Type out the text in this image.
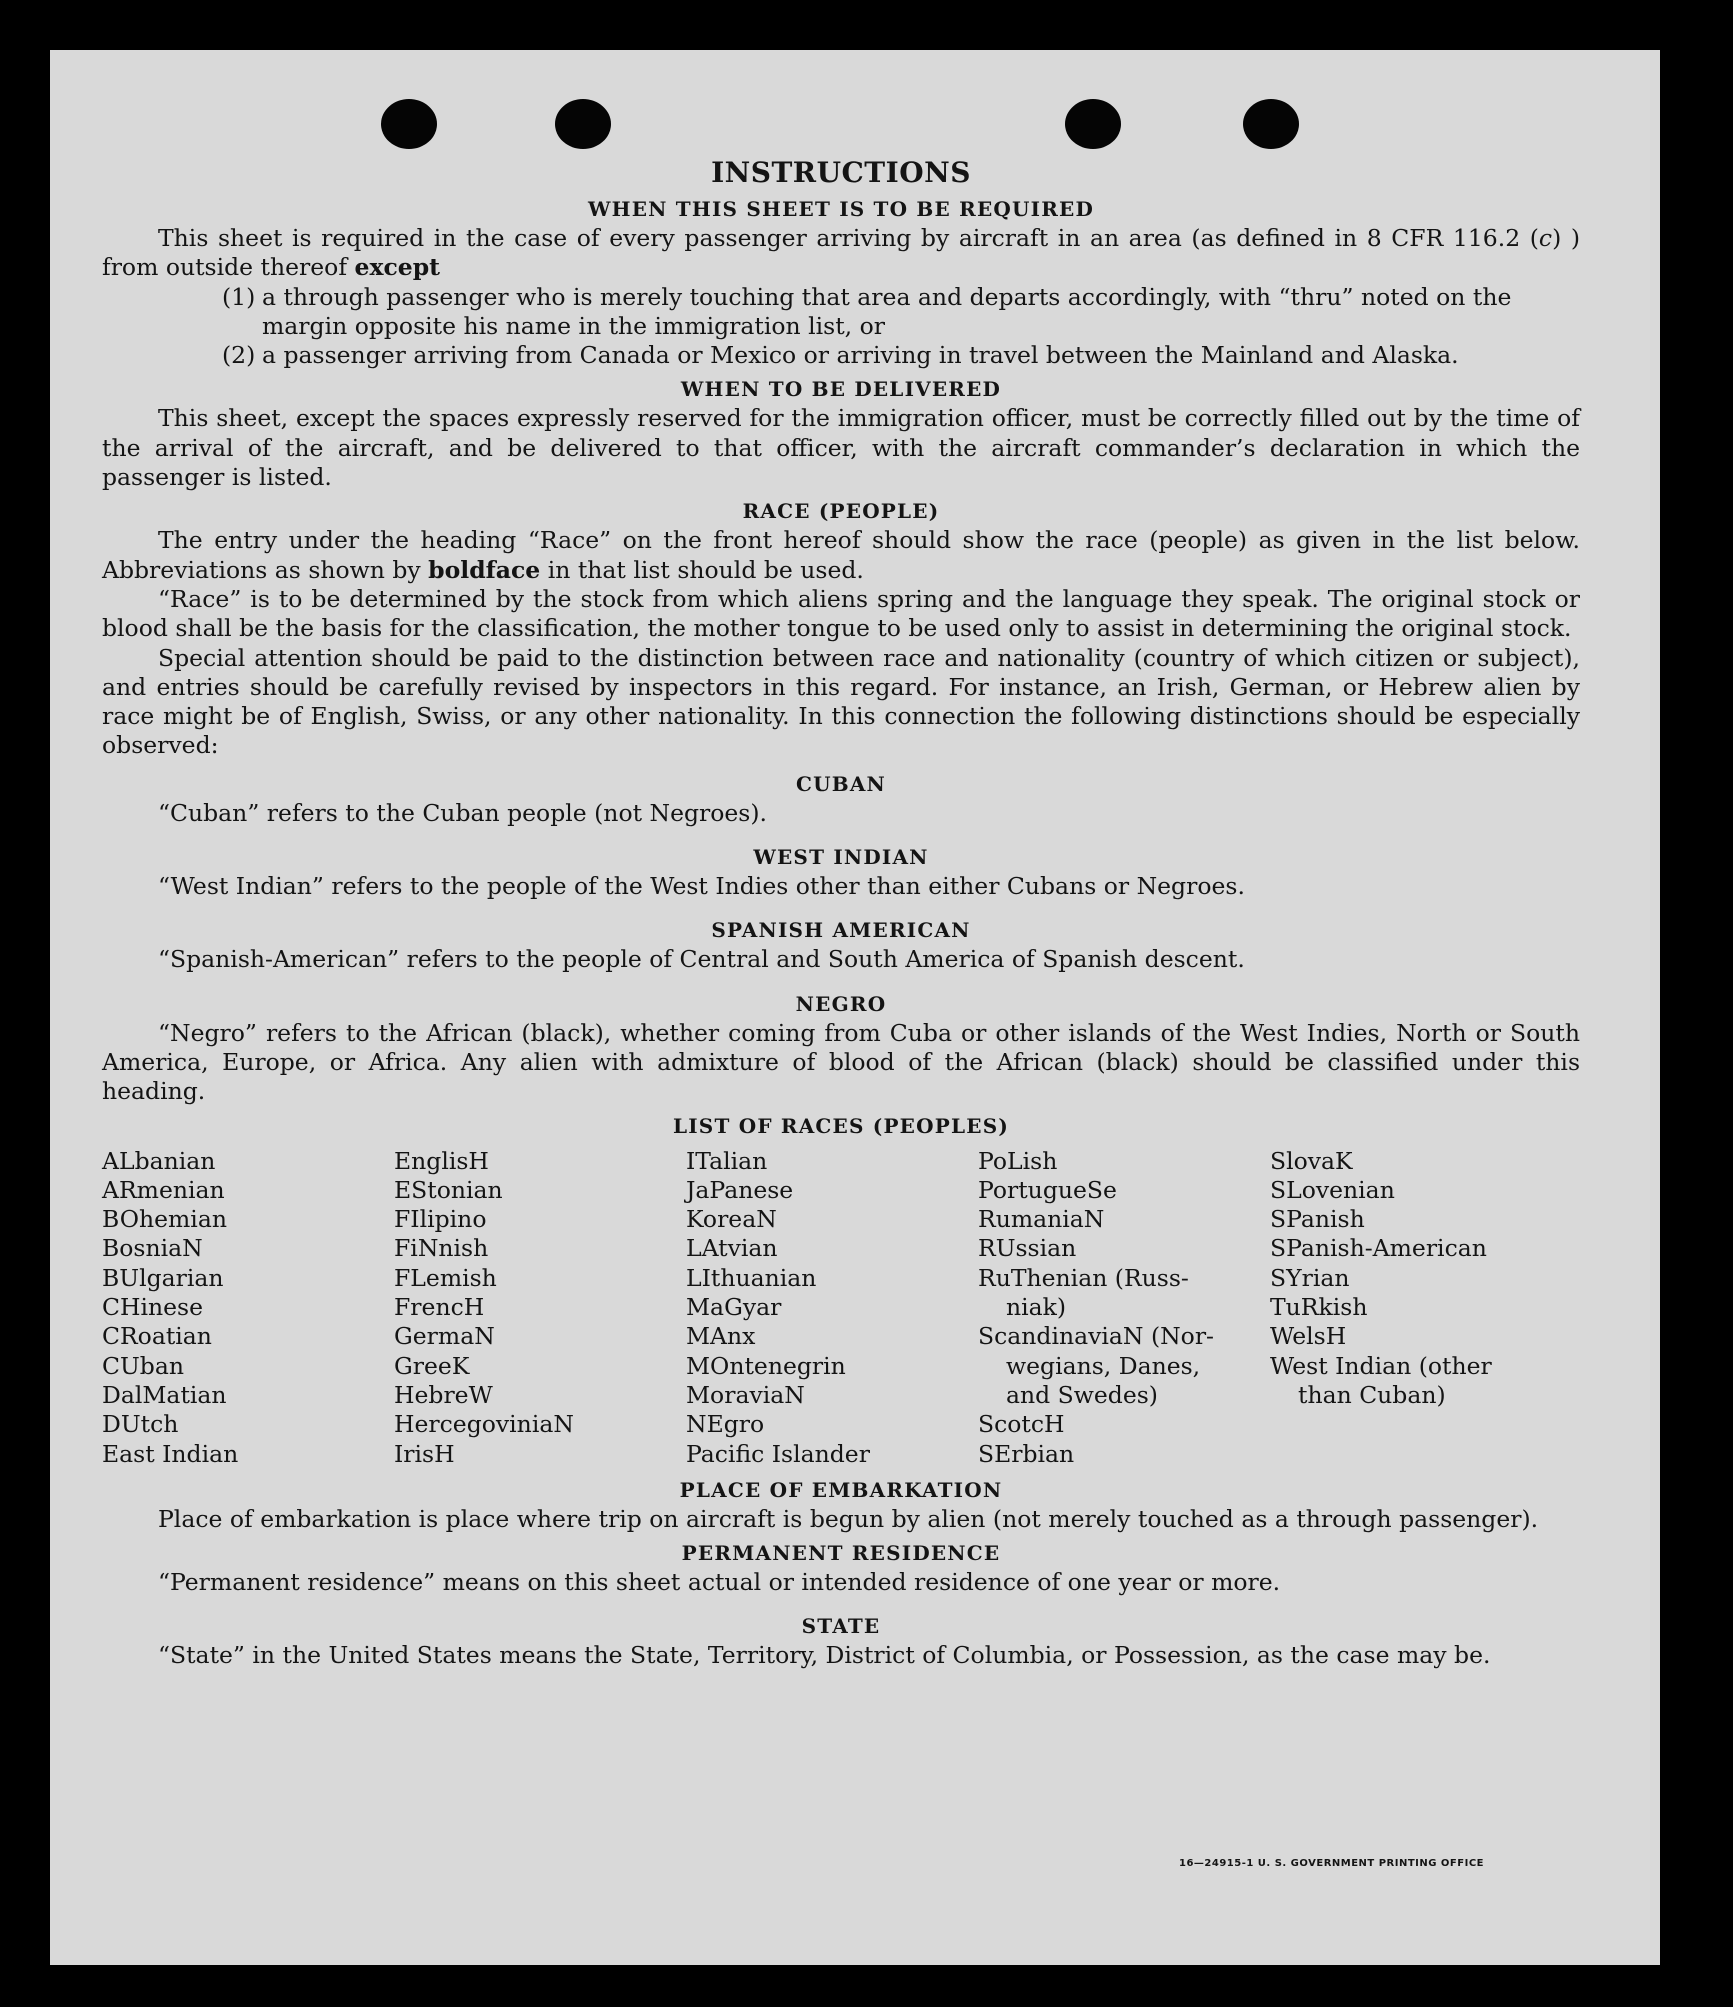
INSTRUCTIONS
WHEN THIS SHEET IS TO BE REQUIRED

This sheet is required in the case of every passenger arriving by aircraft in an area (as defined in 8 CFR 116.2 (c) ) from outside thereof except

(1) a through passenger who is merely touching that area and departs accordingly, with “thru” noted on the margin opposite his name in the immigration list, or
(2) a passenger arriving from Canada or Mexico or arriving in travel between the Mainland and Alaska.
WHEN TO BE DELIVERED

This sheet, except the spaces expressly reserved for the immigration officer, must be correctly filled out by the time of the arrival of the aircraft, and be delivered to that officer, with the aircraft commander’s declaration in which the passenger is listed.

RACE (PEOPLE)

The entry under the heading “Race” on the front hereof should show the race (people) as given in the list below. Abbreviations as shown by boldface in that list should be used.

“Race” is to be determined by the stock from which aliens spring and the language they speak. The original stock or blood shall be the basis for the classification, the mother tongue to be used only to assist in determining the original stock.

Special attention should be paid to the distinction between race and nationality (country of which citizen or subject), and entries should be carefully revised by inspectors in this regard. For instance, an Irish, German, or Hebrew alien by race might be of English, Swiss, or any other nationality. In this connection the following distinctions should be especially observed:

CUBAN

“Cuban” refers to the Cuban people (not Negroes).

WEST INDIAN

“West Indian” refers to the people of the West Indies other than either Cubans or Negroes.

SPANISH AMERICAN

“Spanish-American” refers to the people of Central and South America of Spanish descent.

NEGRO

“Negro” refers to the African (black), whether coming from Cuba or other islands of the West Indies, North or South America, Europe, or Africa. Any alien with admixture of blood of the African (black) should be classified under this heading.

LIST OF RACES (PEOPLES)
ALbanian
ARmenian
BOhemian
BosniaN
BUlgarian
CHinese
CRoatian
CUban
DalMatian
DUtch
East Indian
EnglisH
EStonian
FIlipino
FiNnish
FLemish
FrencH
GermaN
GreeK
HebreW
HercegoviniaN
IrisH
ITalian
JaPanese
KoreaN
LAtvian
LIthuanian
MaGyar
MAnx
MOntenegrin
MoraviaN
NEgro
Pacific Islander
PoLish
PortugueSe
RumaniaN
RUssian
RuThenian (Russ-
niak)
ScandinaviaN (Nor-
wegians, Danes,
and Swedes)
ScotcH
SErbian
SlovaK
SLovenian
SPanish
SPanish-American
SYrian
TuRkish
WelsH
West Indian (other
than Cuban)
PLACE OF EMBARKATION

Place of embarkation is place where trip on aircraft is begun by alien (not merely touched as a through passenger).

PERMANENT RESIDENCE

“Permanent residence” means on this sheet actual or intended residence of one year or more.

STATE

“State” in the United States means the State, Territory, District of Columbia, or Possession, as the case may be.

16—24915-1 U. S. GOVERNMENT PRINTING OFFICE
